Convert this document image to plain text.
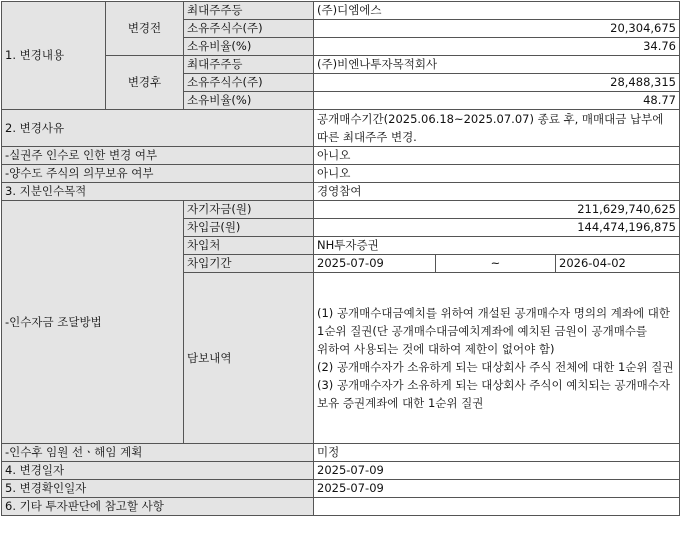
1. 변경내용	변경전	최대주주등	(주)디엠에스		
		소유주식수(주)	20,304,675		
		소유비율(%)	34.76		
	변경후	최대주주등	(주)비엔나투자목적회사		
		소유주식수(주)	28,488,315		
		소유비율(%)	48.77		
2. 변경사유			공개매수기간(2025.06.18~2025.07.07) 종료 후, 매매대금 납부에 따른 최대주주 변경.		
-실권주 인수로 인한 변경 여부			아니오		
-양수도 주식의 의무보유 여부			아니오		
3. 지분인수목적			경영참여		
-인수자금 조달방법		자기자금(원)	211,629,740,625		
		차입금(원)	144,474,196,875		
		차입처	NH투자증권		
		차입기간	2025-07-09	~	2026-04-02
		담보내역	(1) 공개매수대금예치를 위하여 개설된 공개매수자 명의의 계좌에 대한 1순위 질권(단 공개매수대금예치계좌에 예치된 금원이 공개매수를 위하여 사용되는 것에 대하여 제한이 없어야 함)
(2) 공개매수자가 소유하게 되는 대상회사 주식 전체에 대한 1순위 질권
(3) 공개매수자가 소유하게 되는 대상회사 주식이 예치되는 공개매수자 보유 증권계좌에 대한 1순위 질권		

-인수후 임원 선ㆍ해임 계획			미정		
4. 변경일자			2025-07-09		
5. 변경확인일자			2025-07-09		
6. 기타 투자판단에 참고할 사항					
